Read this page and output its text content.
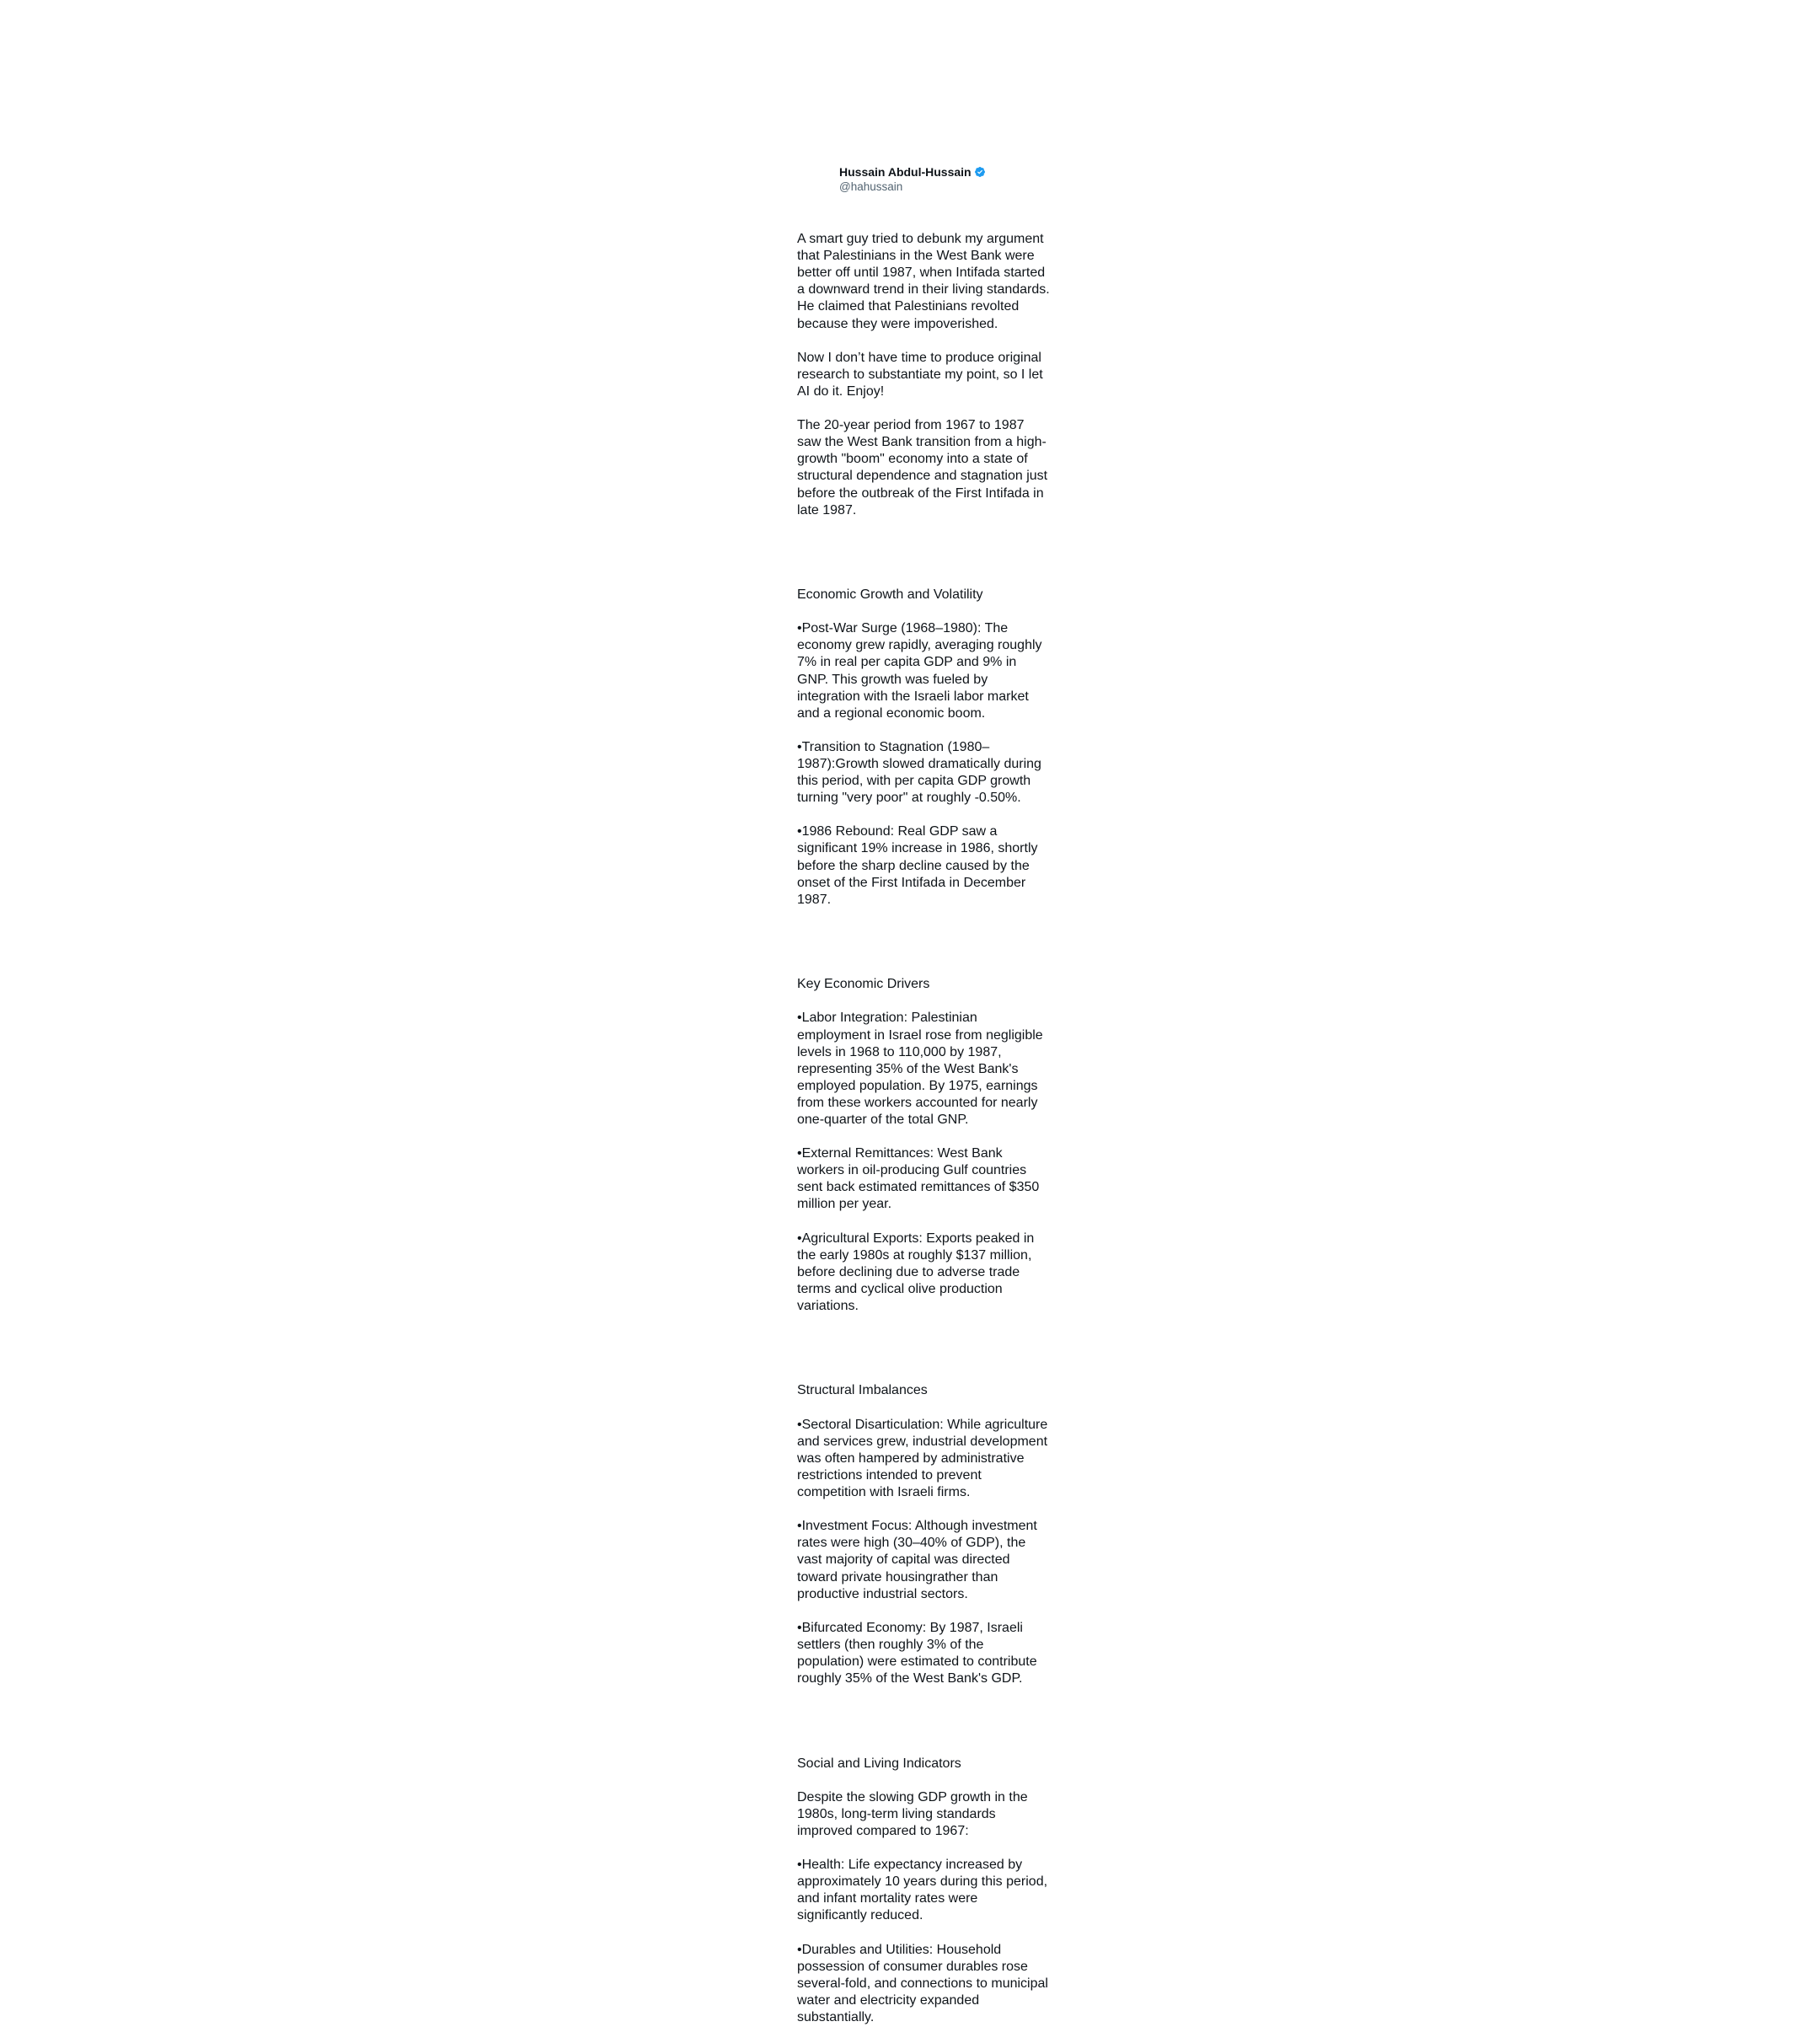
Hussain Abdul-Hussain
@hahussain

A smart guy tried to debunk my argument that Palestinians in the West Bank were better off until 1987, when Intifada started a downward trend in their living standards. He claimed that Palestinians revolted because they were impoverished.

Now I don’t have time to produce original research to substantiate my point, so I let AI do it. Enjoy!

The 20-year period from 1967 to 1987 saw the West Bank transition from a high-growth "boom" economy into a state of structural dependence and stagnation just before the outbreak of the First Intifada in late 1987.

Economic Growth and Volatility

•Post-War Surge (1968–1980): The economy grew rapidly, averaging roughly 7% in real per capita GDP and 9% in GNP. This growth was fueled by integration with the Israeli labor market and a regional economic boom.

•Transition to Stagnation (1980–1987):Growth slowed dramatically during this period, with per capita GDP growth turning "very poor" at roughly -0.50%.

•1986 Rebound: Real GDP saw a significant 19% increase in 1986, shortly before the sharp decline caused by the onset of the First Intifada in December 1987.

Key Economic Drivers

•Labor Integration: Palestinian employment in Israel rose from negligible levels in 1968 to 110,000 by 1987, representing 35% of the West Bank's employed population. By 1975, earnings from these workers accounted for nearly one-quarter of the total GNP.

•External Remittances: West Bank workers in oil-producing Gulf countries sent back estimated remittances of $350 million per year.

•Agricultural Exports: Exports peaked in the early 1980s at roughly $137 million, before declining due to adverse trade terms and cyclical olive production variations.

Structural Imbalances

•Sectoral Disarticulation: While agriculture and services grew, industrial development was often hampered by administrative restrictions intended to prevent competition with Israeli firms.

•Investment Focus: Although investment rates were high (30–40% of GDP), the vast majority of capital was directed toward private housingrather than productive industrial sectors.

•Bifurcated Economy: By 1987, Israeli settlers (then roughly 3% of the population) were estimated to contribute roughly 35% of the West Bank's GDP.

Social and Living Indicators

Despite the slowing GDP growth in the 1980s, long-term living standards improved compared to 1967:

•Health: Life expectancy increased by approximately 10 years during this period, and infant mortality rates were significantly reduced.

•Durables and Utilities: Household possession of consumer durables rose several-fold, and connections to municipal water and electricity expanded substantially.
